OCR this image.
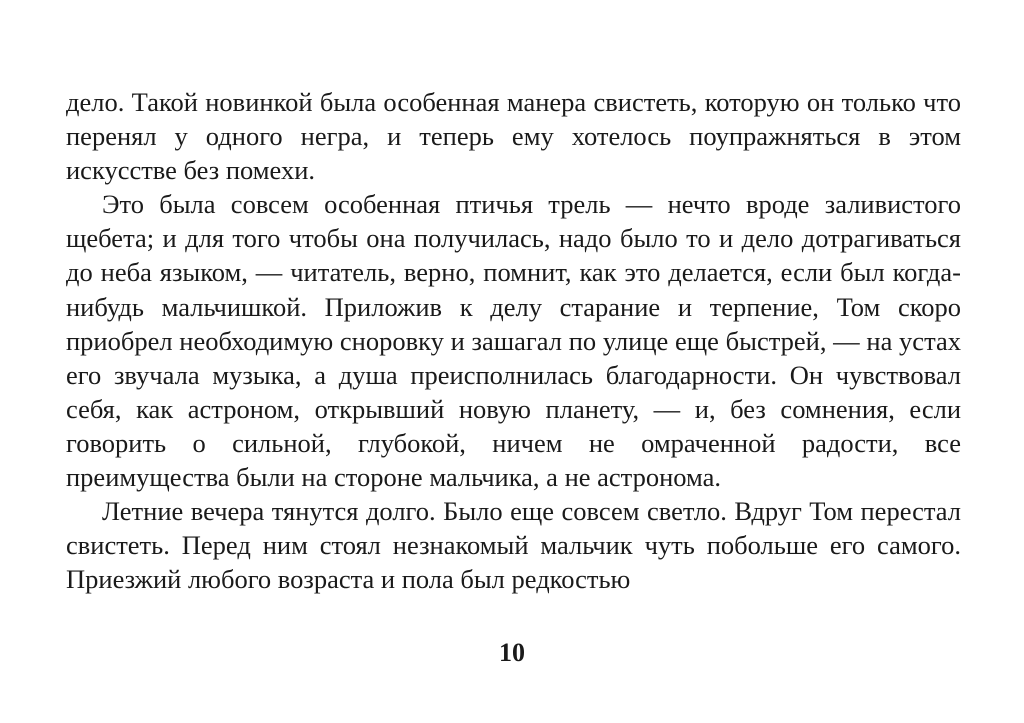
дело. Такой новинкой была особенная манера свистеть, которую он только что перенял у одного негра, и теперь ему хотелось поупражняться в этом искусстве без помехи.

Это была совсем особенная птичья трель — нечто вроде заливистого щебета; и для того чтобы она получилась, надо было то и дело дотрагиваться до неба языком, — читатель, верно, помнит, как это делается, если был когда-нибудь мальчишкой. Приложив к делу старание и терпение, Том скоро приобрел необходимую сноровку и зашагал по улице еще быстрей, — на устах его звучала музыка, а душа преисполнилась благодарности. Он чувствовал себя, как астроном, открывший новую планету, — и, без сомнения, если говорить о сильной, глубокой, ничем не омраченной радости, все преимущества были на стороне мальчика, а не астронома.

Летние вечера тянутся долго. Было еще совсем светло. Вдруг Том перестал свистеть. Перед ним стоял незнакомый мальчик чуть побольше его самого. Приезжий любого возраста и пола был редкостью

10
